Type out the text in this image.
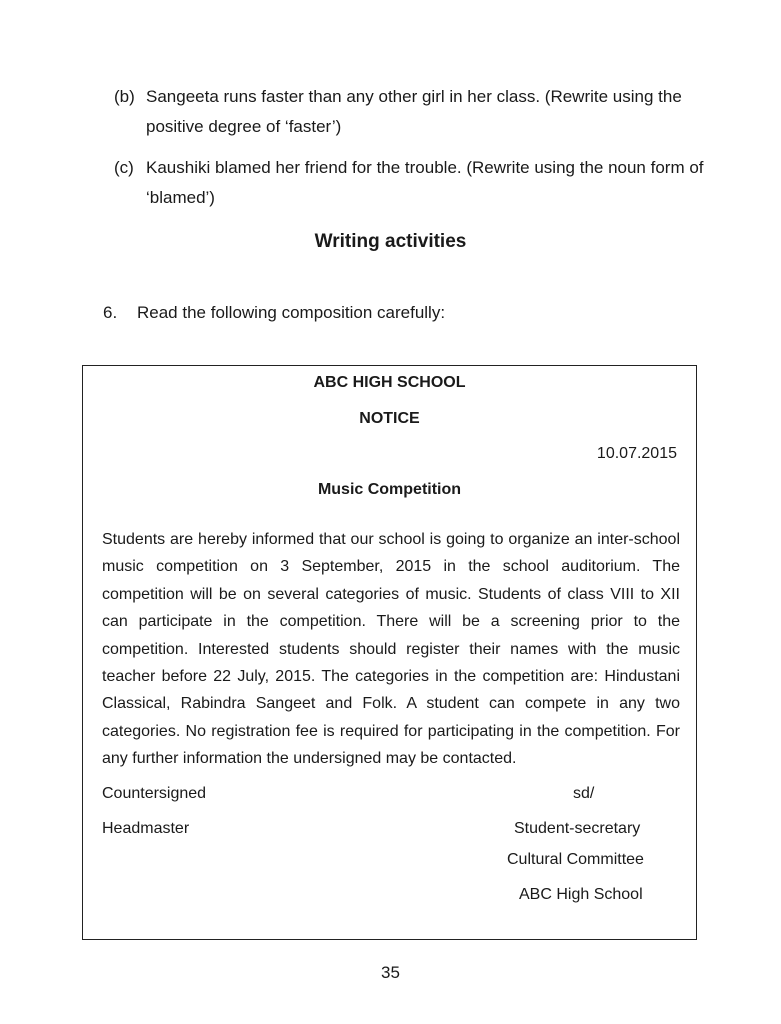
(b) Sangeeta runs faster than any other girl in her class. (Rewrite using the positive degree of ‘faster’)
(c) Kaushiki blamed her friend for the trouble. (Rewrite using the noun form of ‘blamed’)
Writing activities
6. Read the following composition carefully:
ABC HIGH SCHOOL
NOTICE
10.07.2015
Music Competition
Students are hereby informed that our school is going to organize an inter-school music competition on 3 September, 2015 in the school auditorium. The competition will be on several categories of music. Students of class VIII to XII can participate in the competition. There will be a screening prior to the competition. Interested students should register their names with the music teacher before 22 July, 2015. The categories in the competition are: Hindustani Classical, Rabindra Sangeet and Folk. A student can compete in any two categories. No registration fee is required for participating in the competition. For any further information the undersigned may be contacted.
Countersigned
Headmaster
sd/
Student-secretary
Cultural Committee
ABC High School
35
